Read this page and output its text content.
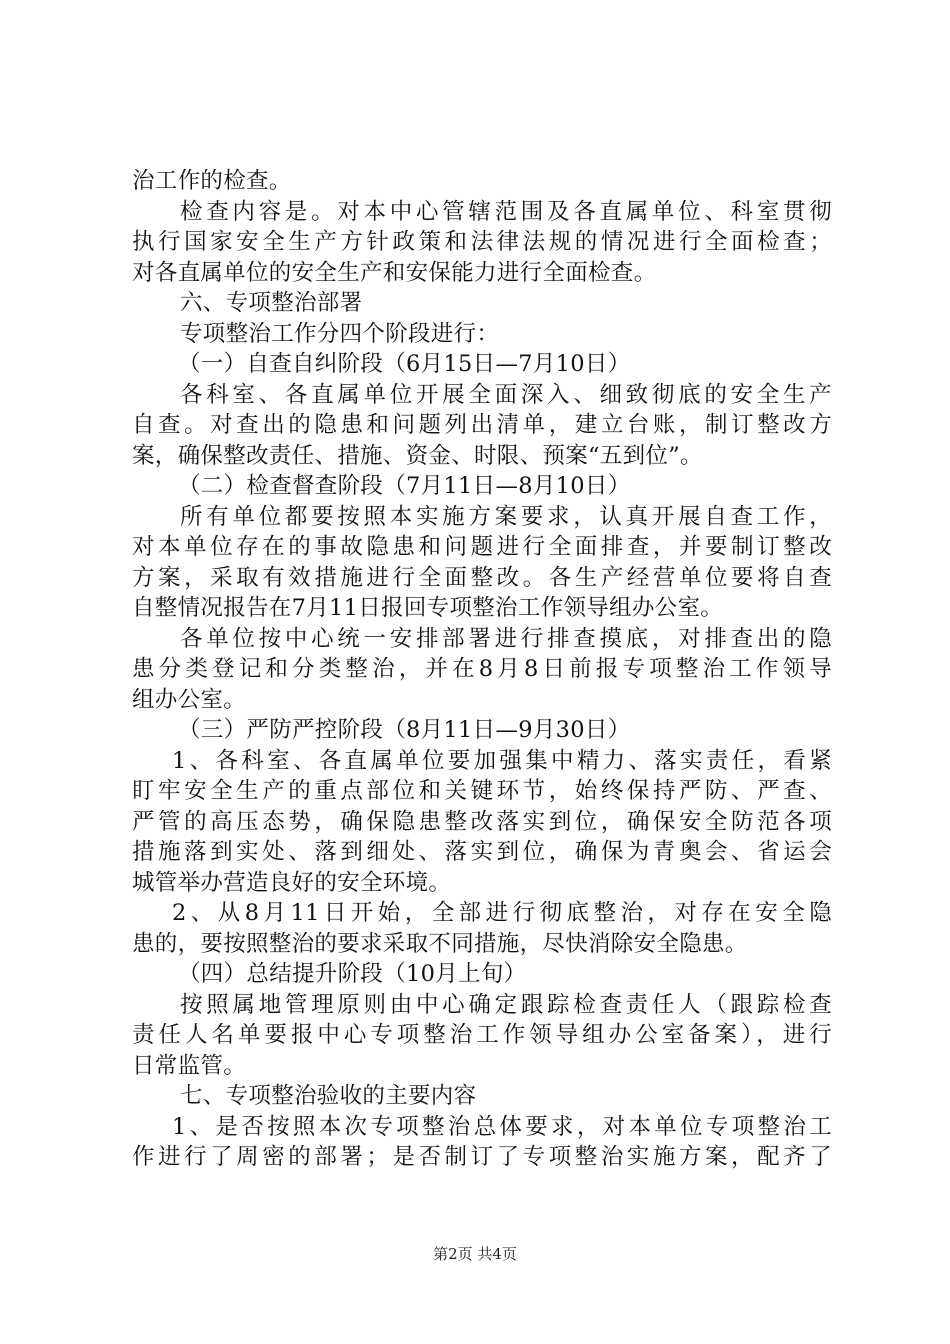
治工作的检查。
检查内容是。对本中心管辖范围及各直属单位、科室贯彻
执行国家安全生产方针政策和法律法规的情况进行全面检查；
对各直属单位的安全生产和安保能力进行全面检查。
六、专项整治部署
专项整治工作分四个阶段进行：
（一）自查自纠阶段（6月15日—7月10日）
各科室、各直属单位开展全面深入、细致彻底的安全生产
自查。对查出的隐患和问题列出清单，建立台账，制订整改方
案，确保整改责任、措施、资金、时限、预案“五到位”。
（二）检查督查阶段（7月11日—8月10日）
所有单位都要按照本实施方案要求，认真开展自查工作，
对本单位存在的事故隐患和问题进行全面排查，并要制订整改
方案，采取有效措施进行全面整改。各生产经营单位要将自查
自整情况报告在7月11日报回专项整治工作领导组办公室。
各单位按中心统一安排部署进行排查摸底，对排查出的隐
患分类登记和分类整治，并在8月8日前报专项整治工作领导
组办公室。
（三）严防严控阶段（8月11日—9月30日）
1、各科室、各直属单位要加强集中精力、落实责任，看紧
盯牢安全生产的重点部位和关键环节，始终保持严防、严查、
严管的高压态势，确保隐患整改落实到位，确保安全防范各项
措施落到实处、落到细处、落实到位，确保为青奥会、省运会
城管举办营造良好的安全环境。
2、从8月11日开始，全部进行彻底整治，对存在安全隐
患的，要按照整治的要求采取不同措施，尽快消除安全隐患。
（四）总结提升阶段（10月上旬）
按照属地管理原则由中心确定跟踪检查责任人（跟踪检查
责任人名单要报中心专项整治工作领导组办公室备案），进行
日常监管。
七、专项整治验收的主要内容
1、是否按照本次专项整治总体要求，对本单位专项整治工
作进行了周密的部署；是否制订了专项整治实施方案，配齐了
第2页 共4页
